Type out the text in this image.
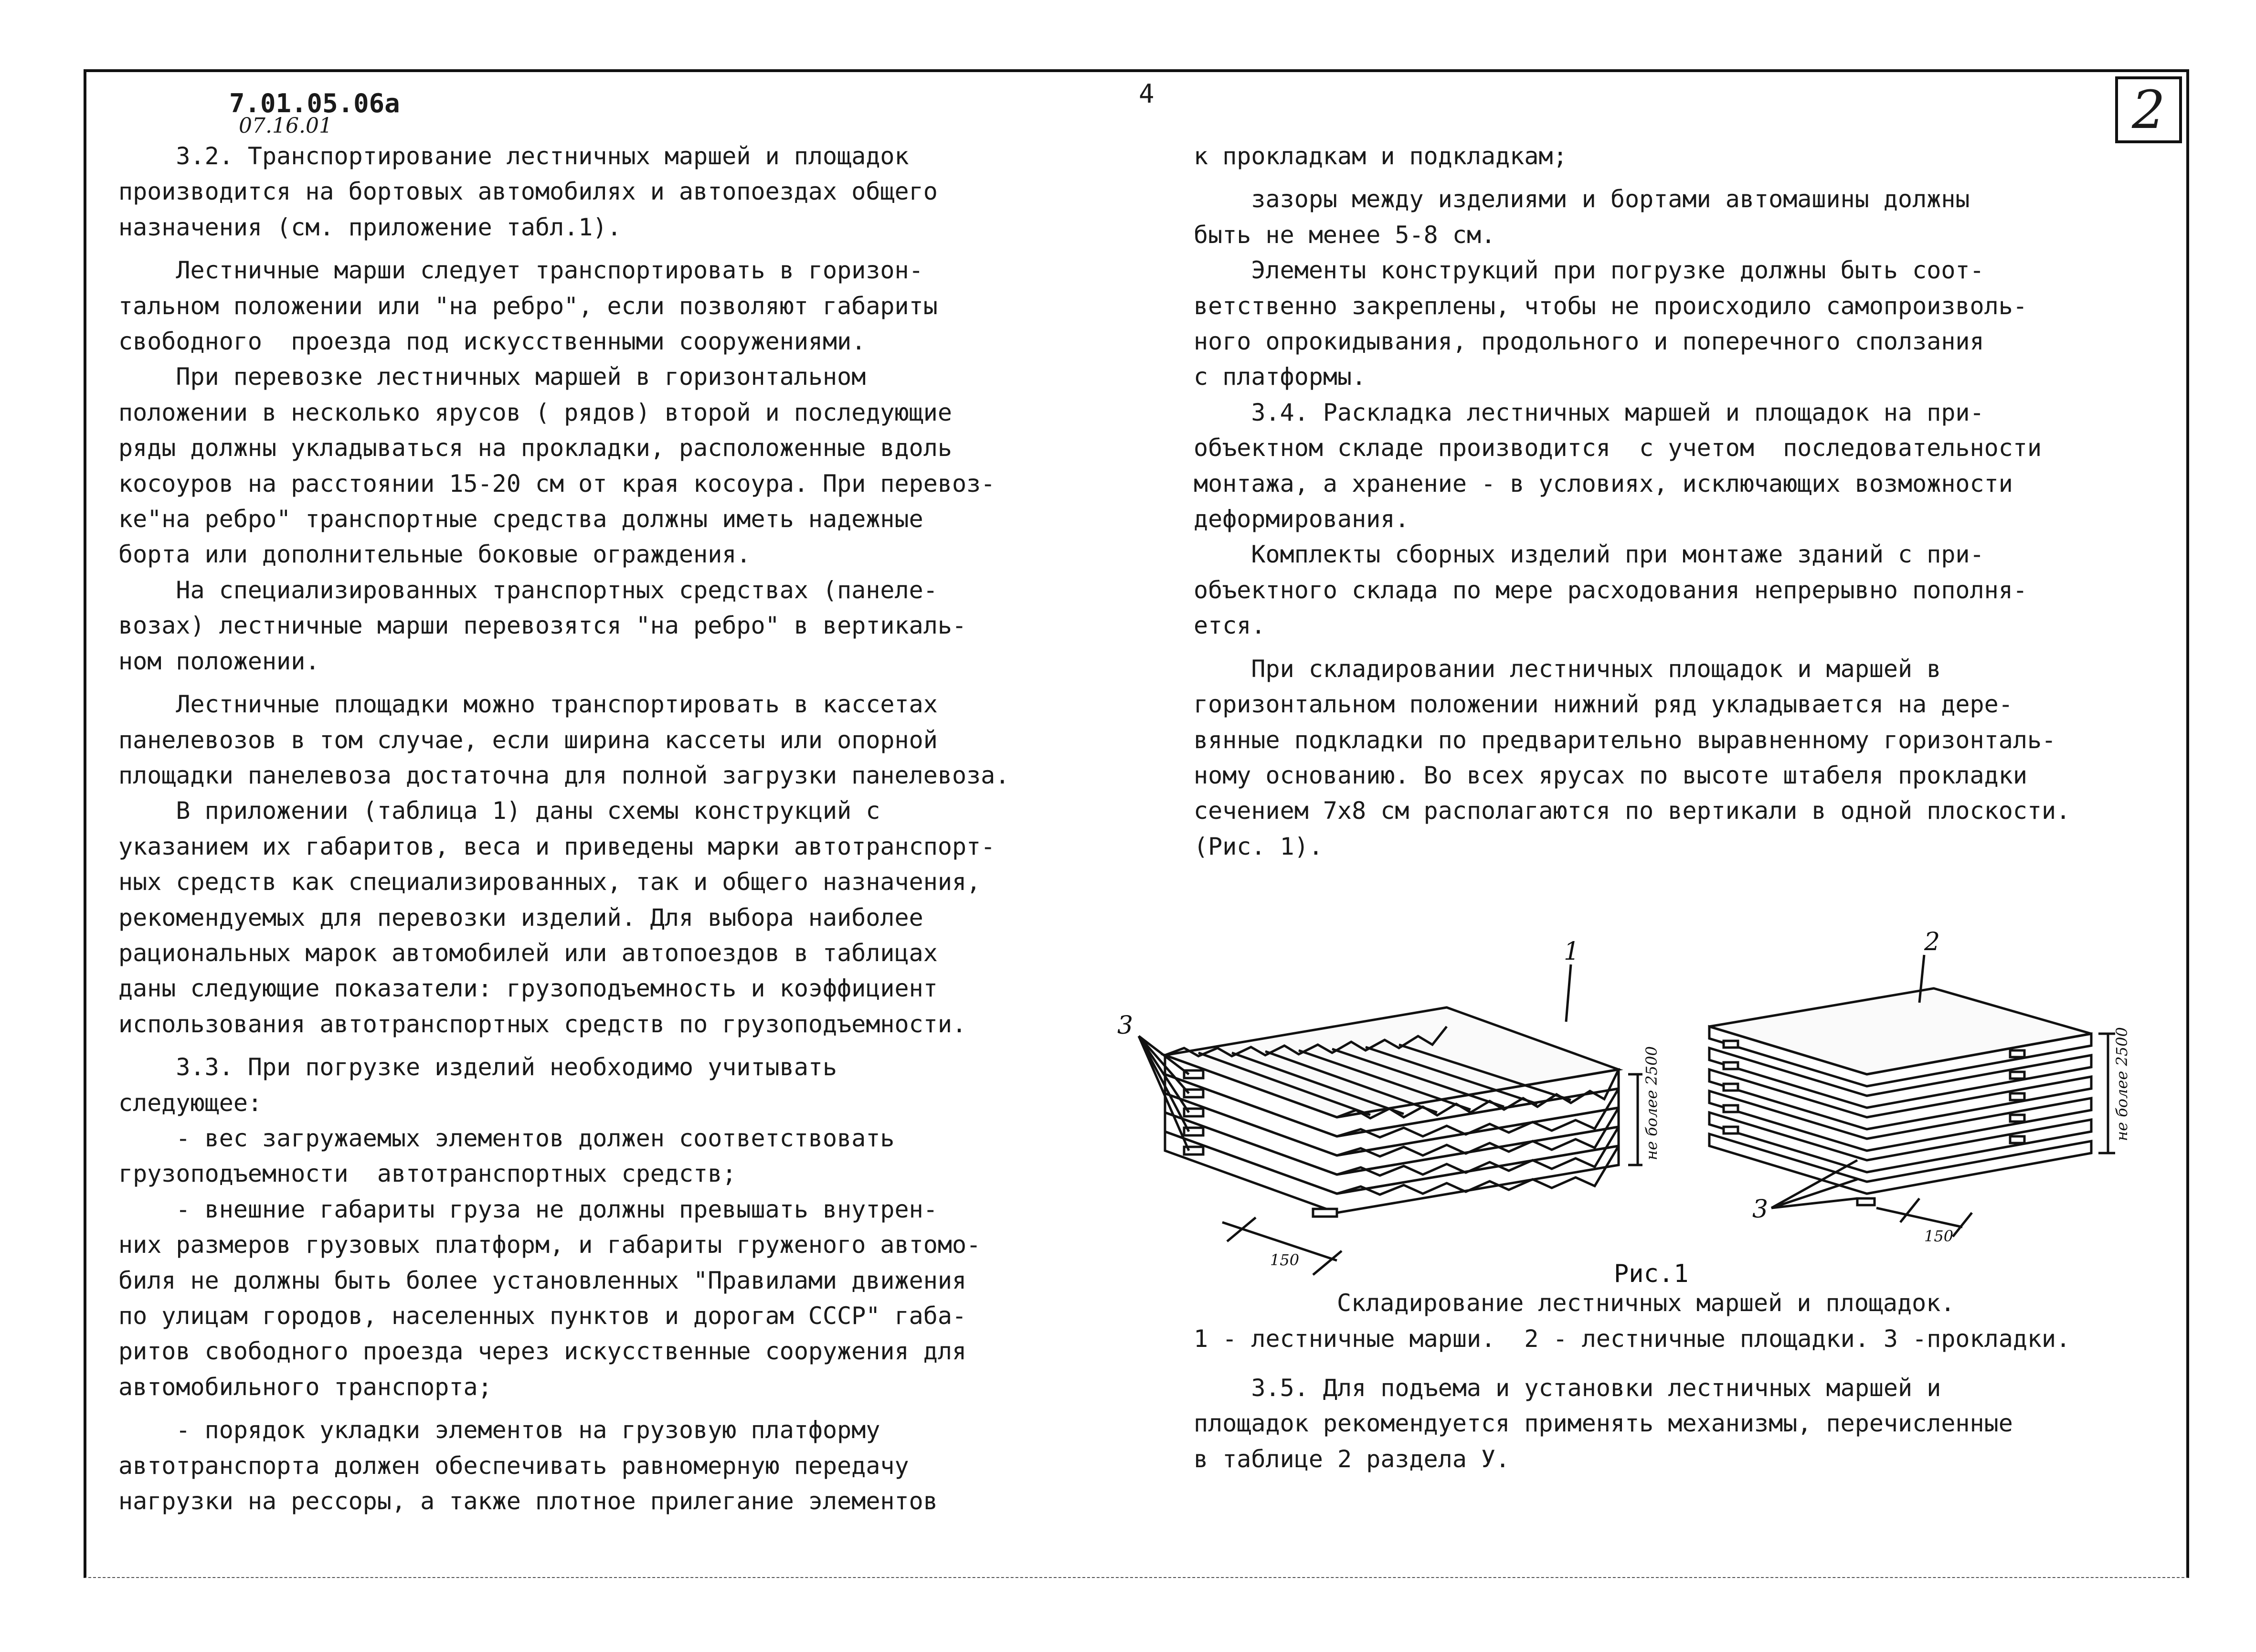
7.01.05.06а
07.16.01
4	2

3.2. Транспортирование лестничных маршей и площадок

производится на бортовых автомобилях и автопоездах общего

назначения (см. приложение табл.1).

Лестничные марши следует транспортировать в горизон-

тальном положении или "на ребро", если позволяют габариты

свободного  проезда под искусственными сооружениями.

При перевозке лестничных маршей в горизонтальном

положении в несколько ярусов ( рядов) второй и последующие

ряды должны укладываться на прокладки, расположенные вдоль

косоуров на расстоянии 15-20 см от края косоура. При перевоз-

ке"на ребро" транспортные средства должны иметь надежные

борта или дополнительные боковые ограждения.

На специализированных транспортных средствах (панеле-

возах) лестничные марши перевозятся "на ребро" в вертикаль-

ном положении.

Лестничные площадки можно транспортировать в кассетах

панелевозов в том случае, если ширина кассеты или опорной

площадки панелевоза достаточна для полной загрузки панелевоза.

В приложении (таблица 1) даны схемы конструкций с

указанием их габаритов, веса и приведены марки автотранспорт-

ных средств как специализированных, так и общего назначения,

рекомендуемых для перевозки изделий. Для выбора наиболее

рациональных марок автомобилей или автопоездов в таблицах

даны следующие показатели: грузоподъемность и коэффициент

использования автотранспортных средств по грузоподъемности.

3.3. При погрузке изделий необходимо учитывать

следующее:

- вес загружаемых элементов должен соответствовать

грузоподъемности  автотранспортных средств;

- внешние габариты груза не должны превышать внутрен-

них размеров грузовых платформ, и габариты груженого автомо-

биля не должны быть более установленных "Правилами движения

по улицам городов, населенных пунктов и дорогам СССР" габа-

ритов свободного проезда через искусственные сооружения для

автомобильного транспорта;

- порядок укладки элементов на грузовую платформу

автотранспорта должен обеспечивать равномерную передачу

нагрузки на рессоры, а также плотное прилегание элементов

к прокладкам и подкладкам;

зазоры между изделиями и бортами автомашины должны

быть не менее 5-8 см.

Элементы конструкций при погрузке должны быть соот-

ветственно закреплены, чтобы не происходило самопроизволь-

ного опрокидывания, продольного и поперечного сползания

с платформы.

3.4. Раскладка лестничных маршей и площадок на при-

объектном складе производится  с учетом  последовательности

монтажа, а хранение - в условиях, исключающих возможности

деформирования.

Комплекты сборных изделий при монтаже зданий с при-

объектного склада по мере расходования непрерывно пополня-

ется.

При складировании лестничных площадок и маршей в

горизонтальном положении нижний ряд укладывается на дере-

вянные подкладки по предварительно выравненному горизонталь-

ному основанию. Во всех ярусах по высоте штабеля прокладки

сечением 7х8 см располагаются по вертикали в одной плоскости.

(Рис. 1).

1	2
3
3
не более 2500	не более 2500
150
150
Рис.1
Складирование лестничных маршей и площадок.
1 - лестничные марши.  2 - лестничные площадки. 3 -прокладки.

3.5. Для подъема и установки лестничных маршей и

площадок рекомендуется применять механизмы, перечисленные

в таблице 2 раздела У.
